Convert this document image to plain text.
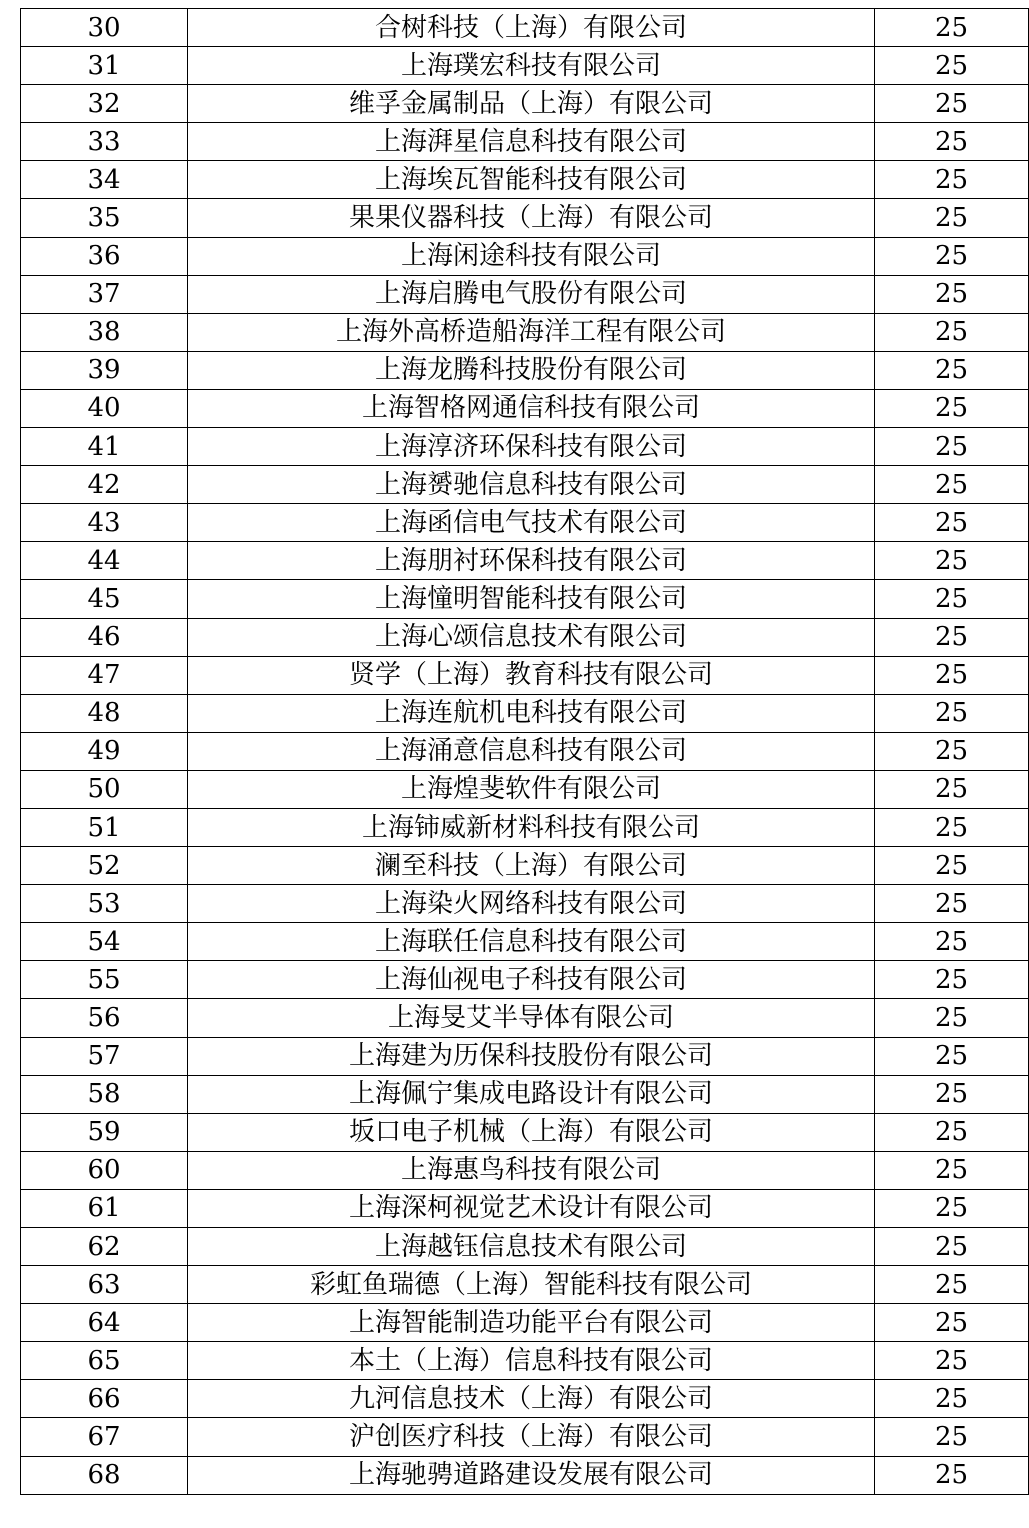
30	合树科技（上海）有限公司	25
31	上海璞宏科技有限公司	25
32	维孚金属制品（上海）有限公司	25
33	上海湃星信息科技有限公司	25
34	上海埃瓦智能科技有限公司	25
35	果果仪器科技（上海）有限公司	25
36	上海闲途科技有限公司	25
37	上海启腾电气股份有限公司	25
38	上海外高桥造船海洋工程有限公司	25
39	上海龙腾科技股份有限公司	25
40	上海智格网通信科技有限公司	25
41	上海淳济环保科技有限公司	25
42	上海赟驰信息科技有限公司	25
43	上海函信电气技术有限公司	25
44	上海朋衬环保科技有限公司	25
45	上海憧明智能科技有限公司	25
46	上海心颂信息技术有限公司	25
47	贤学（上海）教育科技有限公司	25
48	上海连航机电科技有限公司	25
49	上海涌意信息科技有限公司	25
50	上海煌斐软件有限公司	25
51	上海铈威新材料科技有限公司	25
52	澜至科技（上海）有限公司	25
53	上海染火网络科技有限公司	25
54	上海联任信息科技有限公司	25
55	上海仙视电子科技有限公司	25
56	上海旻艾半导体有限公司	25
57	上海建为历保科技股份有限公司	25
58	上海佩宁集成电路设计有限公司	25
59	坂口电子机械（上海）有限公司	25
60	上海惠鸟科技有限公司	25
61	上海深柯视觉艺术设计有限公司	25
62	上海越钰信息技术有限公司	25
63	彩虹鱼瑞德（上海）智能科技有限公司	25
64	上海智能制造功能平台有限公司	25
65	本土（上海）信息科技有限公司	25
66	九河信息技术（上海）有限公司	25
67	沪创医疗科技（上海）有限公司	25
68	上海驰骋道路建设发展有限公司	25
